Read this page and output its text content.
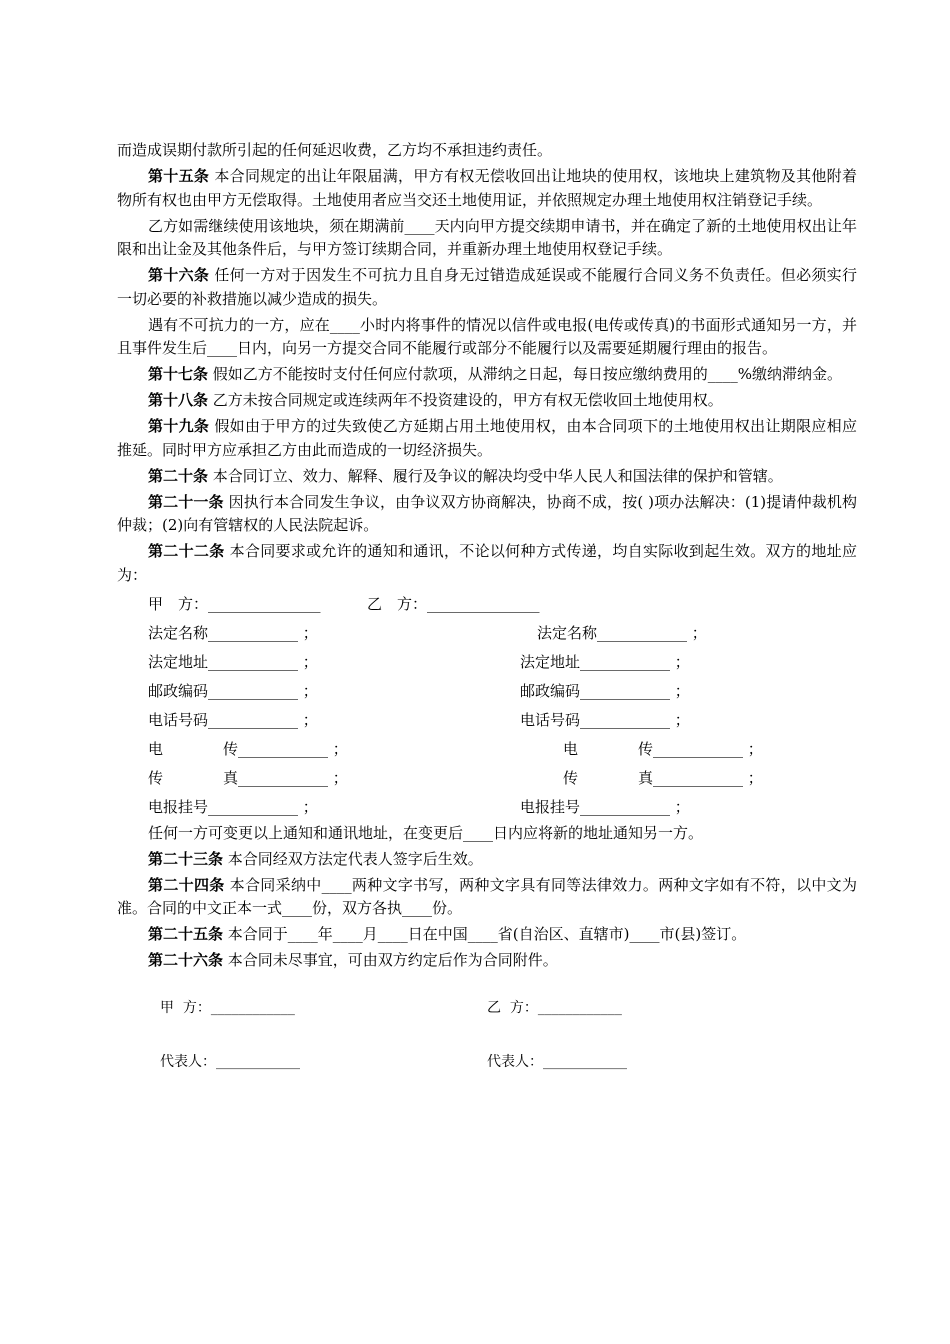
而造成误期付款所引起的任何延迟收费，乙方均不承担违约责任。

第十五条 本合同规定的出让年限届满，甲方有权无偿收回出让地块的使用权，该地块上建筑物及其他附着物所有权也由甲方无偿取得。土地使用者应当交还土地使用证，并依照规定办理土地使用权注销登记手续。

乙方如需继续使用该地块，须在期满前____天内向甲方提交续期申请书，并在确定了新的土地使用权出让年限和出让金及其他条件后，与甲方签订续期合同，并重新办理土地使用权登记手续。

第十六条 任何一方对于因发生不可抗力且自身无过错造成延误或不能履行合同义务不负责任。但必须实行一切必要的补救措施以减少造成的损失。

遇有不可抗力的一方，应在____小时内将事件的情况以信件或电报(电传或传真)的书面形式通知另一方，并且事件发生后____日内，向另一方提交合同不能履行或部分不能履行以及需要延期履行理由的报告。

第十七条 假如乙方不能按时支付任何应付款项，从滞纳之日起，每日按应缴纳费用的____%缴纳滞纳金。

第十八条 乙方未按合同规定或连续两年不投资建设的，甲方有权无偿收回土地使用权。

第十九条 假如由于甲方的过失致使乙方延期占用土地使用权，由本合同项下的土地使用权出让期限应相应推延。同时甲方应承担乙方由此而造成的一切经济损失。

第二十条 本合同订立、效力、解释、履行及争议的解决均受中华人民人和国法律的保护和管辖。

第二十一条 因执行本合同发生争议，由争议双方协商解决，协商不成，按( )项办法解决：(1)提请仲裁机构仲裁；(2)向有管辖权的人民法院起诉。

第二十二条 本合同要求或允许的通知和通讯，不论以何种方式传递，均自实际收到起生效。双方的地址应为：

甲　方：_______________	乙　方：_______________
法定名称____________ ；	法定名称____________ ；
法定地址____________ ；	法定地址____________ ；
邮政编码____________ ；	邮政编码____________ ；
电话号码____________ ；	电话号码____________ ；
电　　　　传____________ ；	电　　　　传____________ ；
传　　　　真____________ ；	传　　　　真____________ ；
电报挂号____________ ；	电报挂号____________ ；

任何一方可变更以上通知和通讯地址，在变更后____日内应将新的地址通知另一方。

第二十三条 本合同经双方法定代表人签字后生效。

第二十四条 本合同采纳中____两种文字书写，两种文字具有同等法律效力。两种文字如有不符，以中文为准。合同的中文正本一式____份，双方各执____份。

第二十五条 本合同于____年____月____日在中国____省(自治区、直辖市)____市(县)签订。

第二十六条 本合同未尽事宜，可由双方约定后作为合同附件。

甲  方：____________	乙  方：____________
代表人：____________	代表人：____________
